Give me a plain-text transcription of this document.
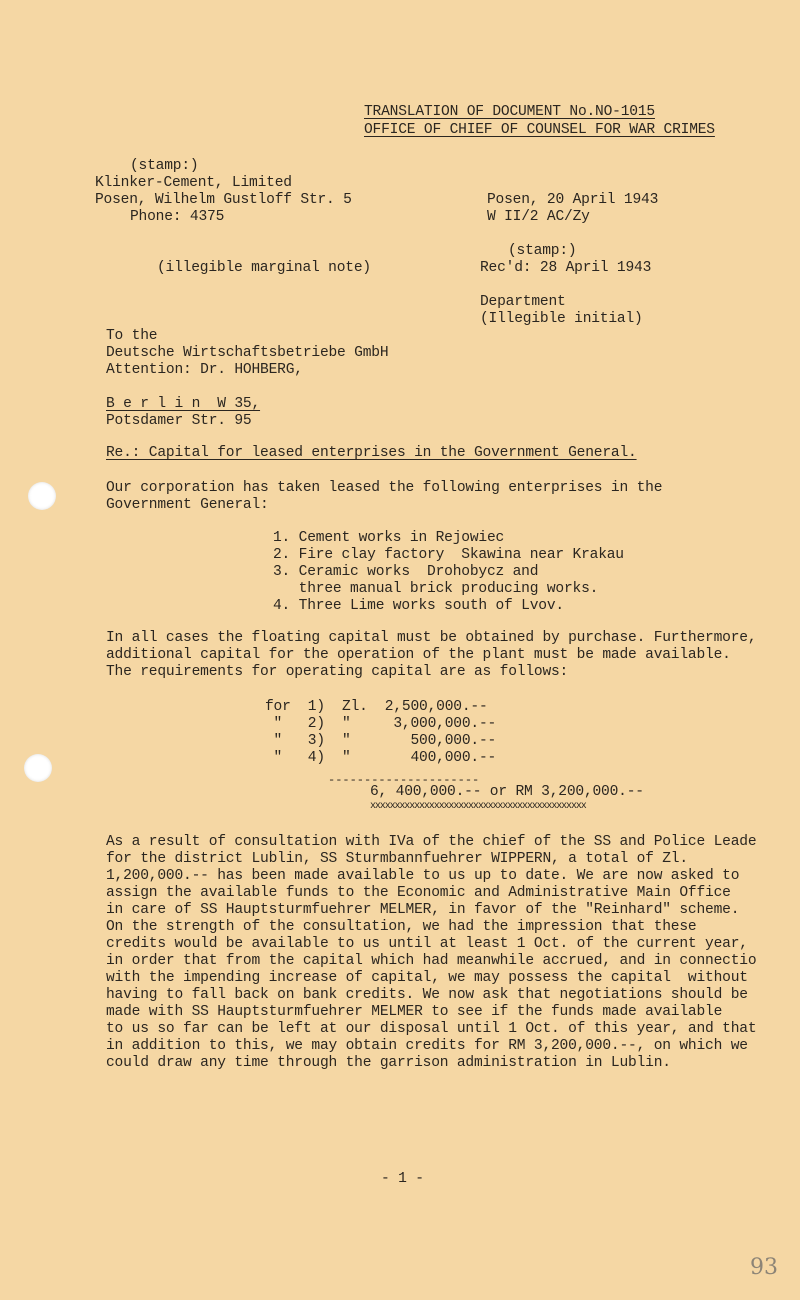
TRANSLATION OF DOCUMENT No.NO-1015
OFFICE OF CHIEF OF COUNSEL FOR WAR CRIMES
(stamp:)
Klinker-Cement, Limited
Posen, Wilhelm Gustloff Str. 5
Phone: 4375
Posen, 20 April 1943
W II/2 AC/Zy
(stamp:)
Rec'd: 28 April 1943
Department
(Illegible initial)
(illegible marginal note)
To the
Deutsche Wirtschaftsbetriebe GmbH
Attention: Dr. HOHBERG,
B e r l i n  W 35,
Potsdamer Str. 95
Re.: Capital for leased enterprises in the Government General.
Our corporation has taken leased the following enterprises in the
Government General:
1. Cement works in Rejowiec
2. Fire clay factory  Skawina near Krakau
3. Ceramic works  Drohobycz and
three manual brick producing works.
4. Three Lime works south of Lvov.
In all cases the floating capital must be obtained by purchase. Furthermore,
additional capital for the operation of the plant must be made available.
The requirements for operating capital are as follows:
for  1)  Zl.  2,500,000.--
"   2)  "     3,000,000.--
"   3)  "       500,000.--
"   4)  "       400,000.--
---------------------
6, 400,000.-- or RM 3,200,000.--
xxxxxxxxxxxxxxxxxxxxxxxxxxxxxxxxxxxxxxxxxxxx
As a result of consultation with IVa of the chief of the SS and Police Leade
for the district Lublin, SS Sturmbannfuehrer WIPPERN, a total of Zl.
1,200,000.-- has been made available to us up to date. We are now asked to
assign the available funds to the Economic and Administrative Main Office
in care of SS Hauptsturmfuehrer MELMER, in favor of the "Reinhard" scheme.
On the strength of the consultation, we had the impression that these
credits would be available to us until at least 1 Oct. of the current year,
in order that from the capital which had meanwhile accrued, and in connectio
with the impending increase of capital, we may possess the capital  without
having to fall back on bank credits. We now ask that negotiations should be
made with SS Hauptsturmfuehrer MELMER to see if the funds made available
to us so far can be left at our disposal until 1 Oct. of this year, and that
in addition to this, we may obtain credits for RM 3,200,000.--, on which we
could draw any time through the garrison administration in Lublin.
- 1 -
93
